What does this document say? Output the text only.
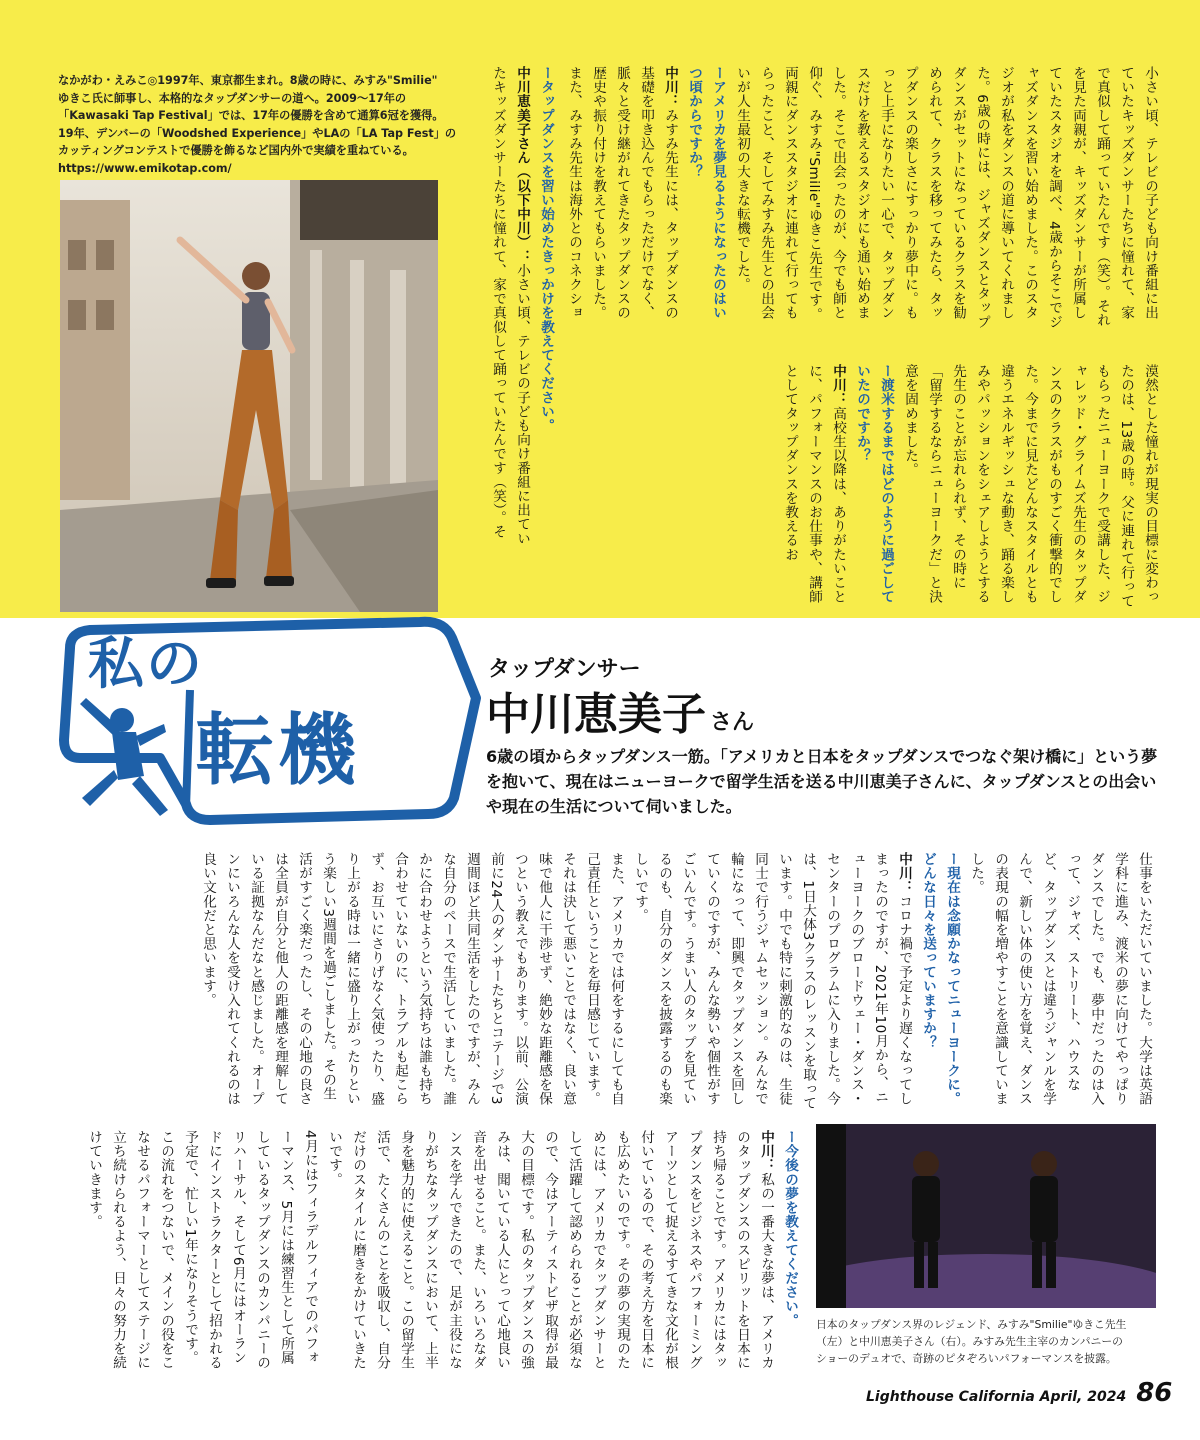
なかがわ・えみこ◎1997年、東京都生まれ。8歳の時に、みすみ"Smilie"
ゆきこ氏に師事し、本格的なタップダンサーの道へ。2009～17年の
「Kawasaki Tap Festival」では、17年の優勝を含めて通算6冠を獲得。
19年、デンバーの「Woodshed Experience」やLAの「LA Tap Fest」の
カッティングコンテストで優勝を飾るなど国内外で実績を重ねている。
https://www.emikotap.com/	ータップダンスを習い始めたきっかけを教えてください。

中川恵美子さん（以下中川）：小さい頃、テレビの子ども向け番組に出ていたキッズダンサーたちに憧れて、家で真似して踊っていたんです（笑）。そ

小さい頃、テレビの子ども向け番組に出ていたキッズダンサーたちに憧れて、家で真似して踊っていたんです（笑）。それを見た両親が、キッズダンサーが所属していたスタジオを調べ、4歳からそこでジャズダンスを習い始めました。このスタジオが私をダンスの道に導いてくれました。6歳の時には、ジャズダンスとタップダンスがセットになっているクラスを勧められて、クラスを移ってみたら、タップダンスの楽しさにすっかり夢中に。もっと上手になりたい一心で、タップダンスだけを教えるスタジオにも通い始めました。そこで出会ったのが、今でも師と仰ぐ、みすみ"Smilie"ゆきこ先生です。両親にダンススタジオに連れて行ってもらったこと、そしてみすみ先生との出会いが人生最初の大きな転機でした。

ーアメリカを夢見るようになったのはいつ頃からですか？

中川：みすみ先生には、タップダンスの基礎を叩き込んでもらっただけでなく、脈々と受け継がれてきたタップダンスの歴史や振り付けを教えてもらいました。また、みすみ先生は海外とのコネクショ

漠然とした憧れが現実の目標に変わったのは、13歳の時。父に連れて行ってもらったニューヨークで受講した、ジャレッド・グライムズ先生のタップダンスのクラスがものすごく衝撃的でした。今までに見たどんなスタイルとも違うエネルギッシュな動き、踊る楽しみやパッションをシェアしようとする先生のことが忘れられず、その時に「留学するならニューヨークだ」と決意を固めました。

ー渡米するまではどのように過ごしていたのですか？

中川：高校生以降は、ありがたいことに、パフォーマンスのお仕事や、講師としてタップダンスを教えるお

私の
転機
タップダンサー
中川恵美子 さん
6歳の頃からタップダンス一筋。「アメリカと日本をタップダンスでつなぐ架け橋に」という夢を抱いて、現在はニューヨークで留学生活を送る中川恵美子さんに、タップダンスとの出会いや現在の生活について伺いました。

仕事をいただいていました。大学は英語学科に進み、渡米の夢に向けてやっぱりダンスでした。でも、夢中だったのは入って、ジャズ、ストリート、ハウスなど、タップダンスとは違うジャンルを学んで、新しい体の使い方を覚え、ダンスの表現の幅を増やすことを意識していました。

ー現在は念願かなってニューヨークに。どんな日々を送っていますか？

中川：コロナ禍で予定より遅くなってしまったのですが、2021年10月から、ニューヨークのブロードウェー・ダンス・センターのプログラムに入りました。今は、1日大体3クラスのレッスンを取っています。中でも特に刺激的なのは、生徒同士で行うジャムセッション。みんなで輪になって、即興でタップダンスを回していくのですが、みんな勢いや個性がすごいんです。うまい人のタップを見ているのも、自分のダンスを披露するのも楽しいです。

また、アメリカでは何をするにしても自己責任ということを毎日感じています。それは決して悪いことではなく、良い意味で他人に干渉せず、絶妙な距離感を保つという教えでもあります。以前、公演前に24人のダンサーたちとコテージで3週間ほど共同生活をしたのですが、みんな自分のペースで生活していました。誰かに合わせようという気持ちは誰も持ち合わせていないのに、トラブルも起こらず、お互いにさりげなく気使ったり、盛り上がる時は一緒に盛り上がったりという楽しい3週間を過ごしました。その生活がすごく楽だったし、その心地の良さは全員が自分と他人の距離感を理解している証拠なんだなと感じました。オープンにいろんな人を受け入れてくれるのは良い文化だと思います。

ー今後の夢を教えてください。

中川：私の一番大きな夢は、アメリカのタップダンスのスピリットを日本に持ち帰ることです。アメリカにはタップダンスをビジネスやパフォーミングアーツとして捉えるすてきな文化が根付いているので、その考え方を日本にも広めたいのです。その夢の実現のためには、アメリカでタップダンサーとして活躍して認められることが必須なので、今はアーティストビザ取得が最大の目標です。私のタップダンスの強みは、聞いている人にとって心地良い音を出せること。また、いろいろなダンスを学んできたので、足が主役になりがちなタップダンスにおいて、上半身を魅力的に使えること。この留学生活で、たくさんのことを吸収し、自分だけのスタイルに磨きをかけていきたいです。

4月にはフィラデルフィアでのパフォーマンス、5月には練習生として所属しているタップダンスのカンパニーのリハーサル、そして6月にはオーランドにインストラクターとして招かれる予定で、忙しい1年になりそうです。この流れをつないで、メインの役をこなせるパフォーマーとしてステージに立ち続けられるよう、日々の努力を続けていきます。

日本のタップダンス界のレジェンド、みすみ"Smilie"ゆきこ先生
（左）と中川恵美子さん（右）。みすみ先生主宰のカンパニーの
ショーのデュオで、奇跡のピタぞろいパフォーマンスを披露。
Lighthouse California April, 2024 86
